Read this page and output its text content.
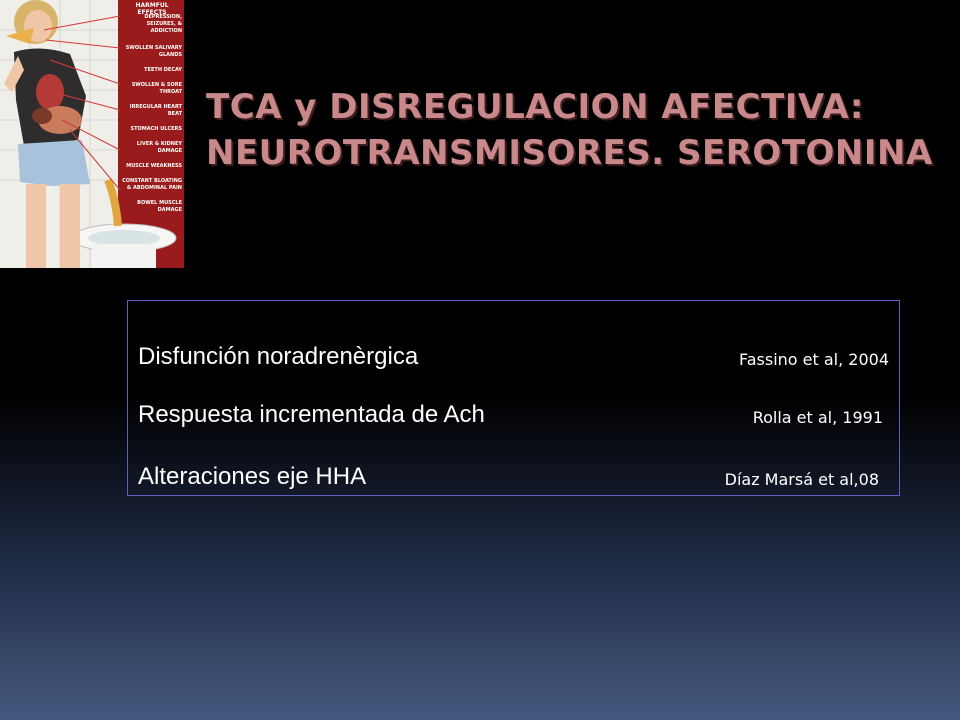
HARMFUL EFFECTS
DEPRESSION, SEIZURES, & ADDICTION
SWOLLEN SALIVARY GLANDS
TEETH DECAY
SWOLLEN & SORE THROAT
IRREGULAR HEART BEAT
STOMACH ULCERS
LIVER & KIDNEY DAMAGE
MUSCLE WEAKNESS
CONSTANT BLOATING & ABDOMINAL PAIN
BOWEL MUSCLE DAMAGE
TCA y DISREGULACION AFECTIVA:
NEUROTRANSMISORES. SEROTONINA
Disfunción noradrenèrgica	Fassino et al, 2004
Respuesta incrementada de Ach	Rolla et al, 1991
Alteraciones eje HHA	Díaz Marsá et al,08
